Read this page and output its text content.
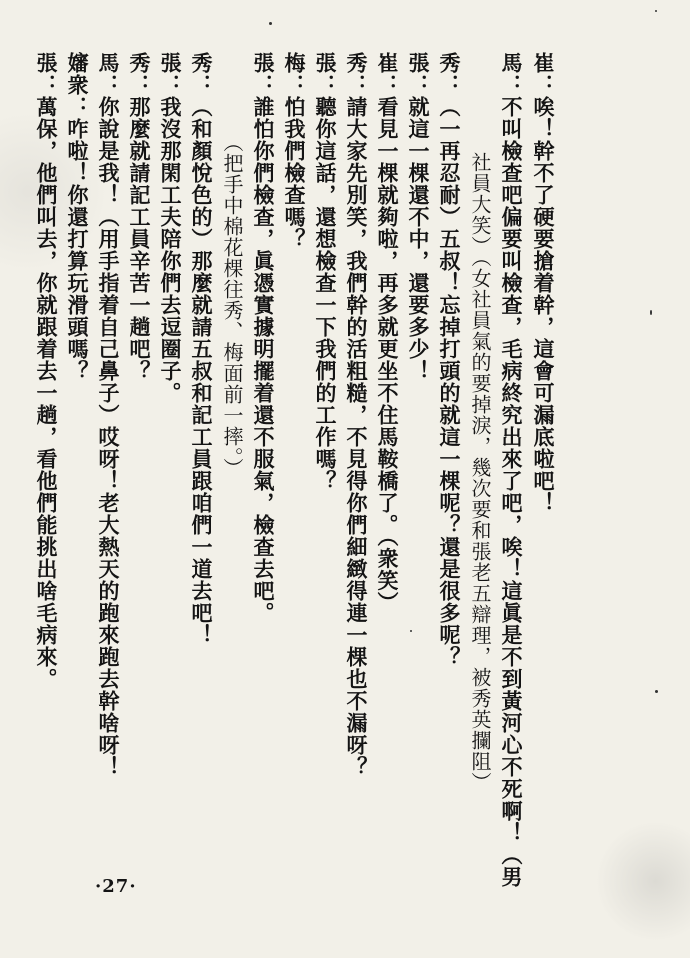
崔：唉！幹不了硬要搶着幹，這會可漏底啦吧！
馬：不叫檢查吧偏要叫檢查，毛病終究出來了吧，唉！這眞是不到黃河心不死啊！（男
　　社員大笑）（女社員氣的要掉淚，幾次要和張老五辯理，被秀英攔阻）
秀：（一再忍耐）五叔！忘掉打頭的就這一棵呢？還是很多呢？
張：就這一棵還不中，還要多少！
崔：看見一棵就夠啦，再多就更坐不住馬鞍橋了。（衆笑）
秀：請大家先別笑，我們幹的活粗糙，不見得你們細緻得連一棵也不漏呀？
張：聽你這話，還想檢查一下我們的工作嗎？
梅：怕我們檢查嗎？
張：誰怕你們檢查，眞憑實據明擺着還不服氣，檢查去吧。
　　（把手中棉花棵往秀、梅面前一摔。）
秀：（和顏悅色的）那麼就請五叔和記工員跟咱們一道去吧！
張：我沒那閑工夫陪你們去逗圈子。
秀：那麼就請記工員辛苦一趟吧？
馬：你說是我！（用手指着自己鼻子）哎呀！老大熱天的跑來跑去幹啥呀！
嬸衆：咋啦！你還打算玩滑頭嗎？
張：萬保，他們叫去，你就跟着去一趟，看他們能挑出啥毛病來。
·27·
